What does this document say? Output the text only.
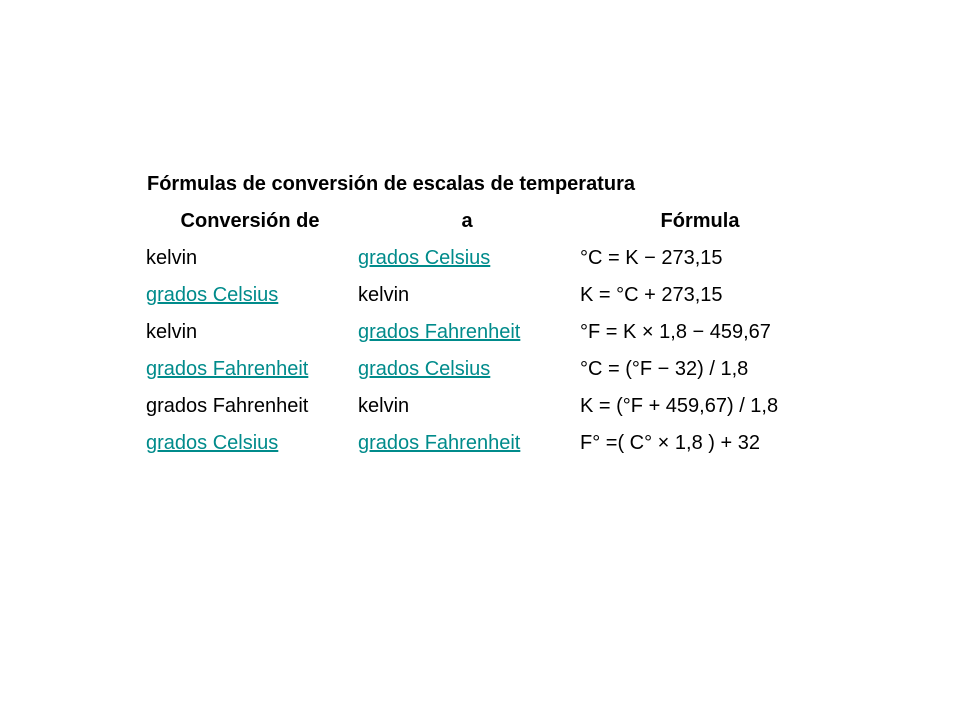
Fórmulas de conversión de escalas de temperatura
Conversión de	a	Fórmula
kelvin	grados Celsius	°C = K − 273,15
grados Celsius	kelvin	K = °C + 273,15
kelvin	grados Fahrenheit	°F = K × 1,8 − 459,67
grados Fahrenheit	grados Celsius	°C = (°F − 32) / 1,8
grados Fahrenheit	kelvin	K = (°F + 459,67) / 1,8
grados Celsius	grados Fahrenheit	F° =( C° × 1,8 ) + 32
